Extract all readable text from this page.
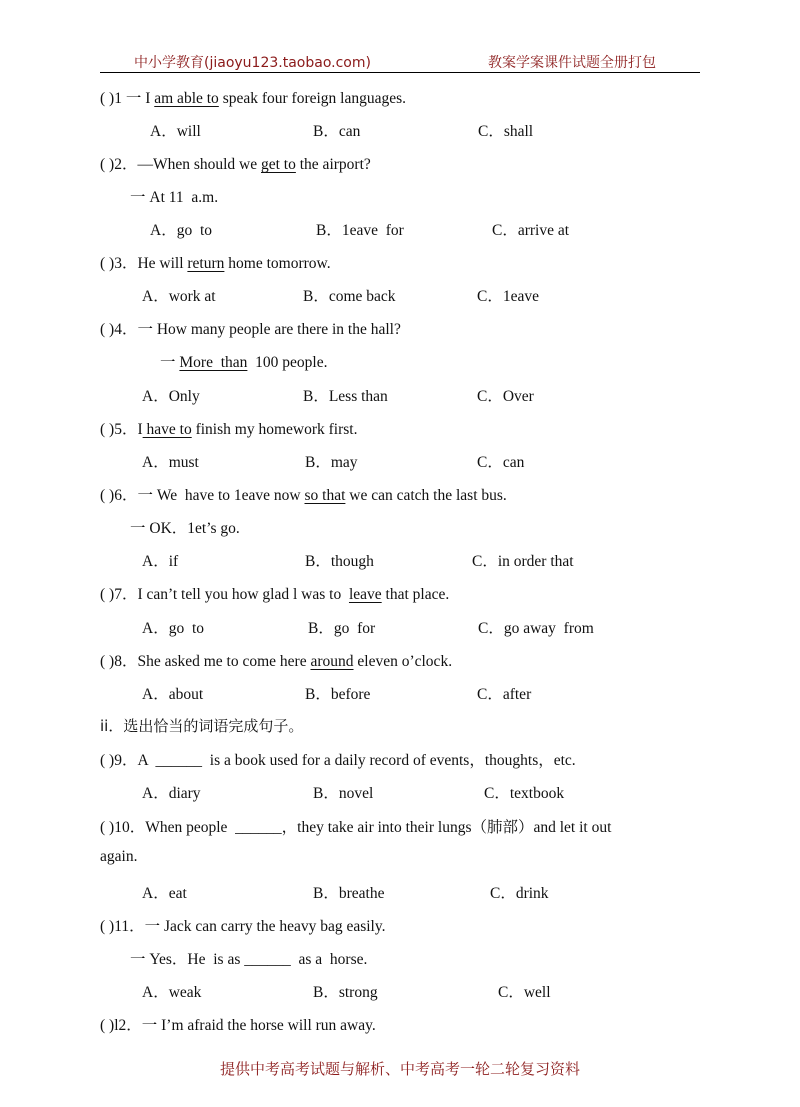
中小学教育(jiaoyu123.taobao.com)	教案学案课件试题全册打包
( )1 一 I am able to speak four foreign languages.
A．will	B．can	C．shall
( )2．—When should we get to the airport?
一 At 11  a.m.
A．go  to	B．1eave  for	C．arrive at
( )3．He will return home tomorrow.
A．work at	B．come back	C．1eave
( )4．一 How many people are there in the hall?
一 More  than  100 people.
A．Only	B．Less than	C．Over
( )5．I have to finish my homework first.
A．must	B．may	C．can
( )6．一 We  have to 1eave now so that we can catch the last bus.
一 OK．1et’s go.
A．if	B．though	C．in order that
( )7．I can’t tell you how glad l was to  leave that place.
A．go  to	B．go  for	C．go away  from
( )8．She asked me to come here around eleven o’clock.
A．about	B．before	C．after
ii．选出恰当的词语完成句子。
( )9．A  ______  is a book used for a daily record of events，thoughts，etc.
A．diary	B．novel	C．textbook
( )10．When people  ______，they take air into their lungs（肺部）and let it out
again.
A．eat	B．breathe	C．drink
( )11．一 Jack can carry the heavy bag easily.
一 Yes．He  is as ______  as a  horse.
A．weak	B．strong	C．well
( )l2．一 I’m afraid the horse will run away.
提供中考高考试题与解析、中考高考一轮二轮复习资料
